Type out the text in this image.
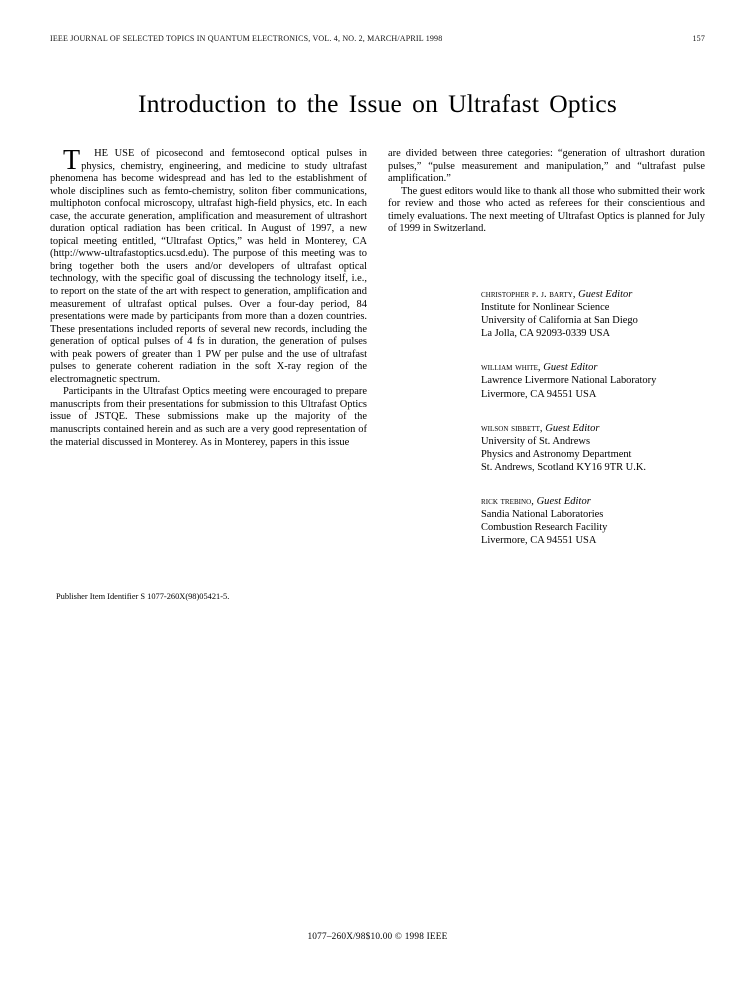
IEEE JOURNAL OF SELECTED TOPICS IN QUANTUM ELECTRONICS, VOL. 4, NO. 2, MARCH/APRIL 1998	157
Introduction to the Issue on Ultrafast Optics

T HE USE of picosecond and femtosecond optical pulses in physics, chemistry, engineering, and medicine to study ultrafast phenomena has become widespread and has led to the establishment of whole disciplines such as femto-chemistry, soliton fiber communications, multiphoton confocal microscopy, ultrafast high-field physics, etc. In each case, the accurate generation, amplification and measurement of ultrashort duration optical radiation has been critical. In August of 1997, a new topical meeting entitled, “Ultrafast Optics,” was held in Monterey, CA (http://www-ultrafastoptics.ucsd.edu). The purpose of this meeting was to bring together both the users and/or developers of ultrafast optical technology, with the specific goal of discussing the technology itself, i.e., to report on the state of the art with respect to generation, amplification and measurement of ultrafast optical pulses. Over a four-day period, 84 presentations were made by participants from more than a dozen countries. These presentations included reports of several new records, including the generation of optical pulses of 4 fs in duration, the generation of pulses with peak powers of greater than 1 PW per pulse and the use of ultrafast pulses to generate coherent radiation in the soft X-ray region of the electromagnetic spectrum.

Participants in the Ultrafast Optics meeting were encouraged to prepare manuscripts from their presentations for submission to this Ultrafast Optics issue of JSTQE. These submissions make up the majority of the manuscripts contained herein and as such are a very good representation of the material discussed in Monterey. As in Monterey, papers in this issue

are divided between three categories: “generation of ultrashort duration pulses,” “pulse measurement and manipulation,” and “ultrafast pulse amplification.”

The guest editors would like to thank all those who submitted their work for review and those who acted as referees for their conscientious and timely evaluations. The next meeting of Ultrafast Optics is planned for July of 1999 in Switzerland.

Publisher Item Identifier S 1077-260X(98)05421-5.
christopher p. j. barty, Guest Editor
Institute for Nonlinear Science
University of California at San Diego
La Jolla, CA 92093-0339 USA
william white, Guest Editor
Lawrence Livermore National Laboratory
Livermore, CA 94551 USA
wilson sibbett, Guest Editor
University of St. Andrews
Physics and Astronomy Department
St. Andrews, Scotland KY16 9TR U.K.
rick trebino, Guest Editor
Sandia National Laboratories
Combustion Research Facility
Livermore, CA 94551 USA
1077–260X/98$10.00 © 1998 IEEE
